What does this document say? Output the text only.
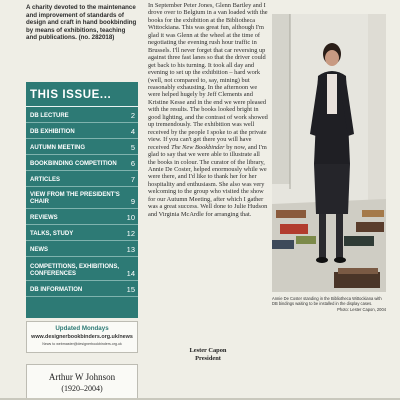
A charity devoted to the maintenance and improvement of standards of design and craft in hand bookbinding by means of exhibitions, teaching and publications. (no. 282018)
THIS ISSUE...
DB LECTURE	2
DB EXHIBITION	4
AUTUMN MEETING	5
BOOKBINDING COMPETITION 6
ARTICLES	7
VIEW FROM THE PRESIDENT'S CHAIR	9
REVIEWS	10
TALKS, STUDY	12
NEWS	13
COMPETITIONS, EXHIBITIONS, CONFERENCES	14
DB INFORMATION	15
Updated Mondays
www.designerbookbinders.org.uk/news
News to webmaster@designerbookbinders.org.uk
Arthur W Johnson
(1920–2004)

In September Peter Jones, Glenn Bartley and I drove over to Belgium in a van loaded with the books for the exhibition at the Bibliotheca Wittockiana. This was great fun, although I'm glad it was Glenn at the wheel at the time of negotiating the evening rush hour traffic in Brussels. I'll never forget that car reversing up against three fast lanes so that the driver could get back to his turning. It took all day and evening to set up the exhibition – hard work (well, not compared to, say, mining) but reasonably exhausting. In the afternoon we were helped hugely by Jeff Clements and Kristine Kesse and in the end we were pleased with the results. The books looked bright in good lighting, and the contrast of work showed up tremendously. The exhibition was well received by the people I spoke to at the private view. If you can't get there you will have received The New Bookbinder by now, and I'm glad to say that we were able to illustrate all the books in colour. The curator of the library, Annie De Coster, helped enormously while we were there, and I'd like to thank her for her hospitality and enthusiasm. She also was very welcoming to the group who visited the show for our Autumn Meeting, after which I gather was a great success. Well done to Julie Hudson and Virginia McArdle for arranging that.

Lester Capon
President
Annie De Coster standing in the Bibliotheca Wittockiana with DB bindings waiting to be installed in the display cases.
Photo: Lester Capon, 2004
